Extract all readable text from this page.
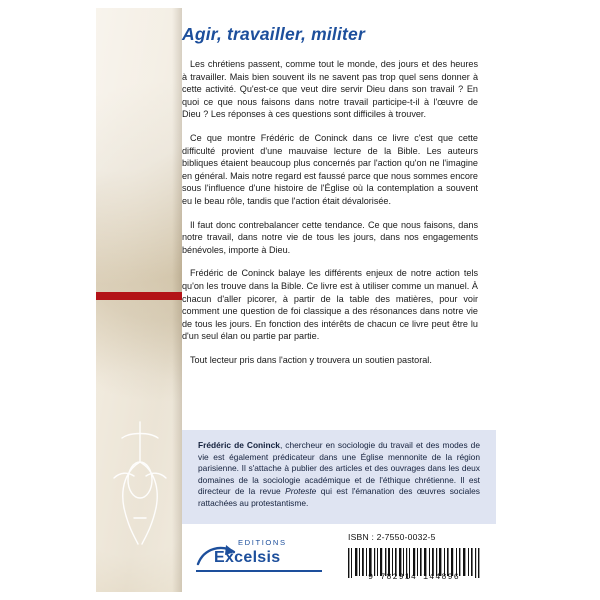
Agir, travailler, militer

Les chrétiens passent, comme tout le monde, des jours et des heures à travailler. Mais bien souvent ils ne savent pas trop quel sens donner à cette activité. Qu'est-ce que veut dire servir Dieu dans son travail ? En quoi ce que nous faisons dans notre travail participe-t-il à l'œuvre de Dieu ? Les réponses à ces questions sont difficiles à trouver.

Ce que montre Frédéric de Coninck dans ce livre c'est que cette difficulté provient d'une mauvaise lecture de la Bible. Les auteurs bibliques étaient beaucoup plus concernés par l'action qu'on ne l'imagine en général. Mais notre regard est faussé parce que nous sommes encore sous l'influence d'une histoire de l'Église où la contemplation a souvent eu le beau rôle, tandis que l'action était dévalorisée.

Il faut donc contrebalancer cette tendance. Ce que nous faisons, dans notre travail, dans notre vie de tous les jours, dans nos engagements bénévoles, importe à Dieu.

Frédéric de Coninck balaye les différents enjeux de notre action tels qu'on les trouve dans la Bible. Ce livre est à utiliser comme un manuel. À chacun d'aller picorer, à partir de la table des matières, pour voir comment une question de foi classique a des résonances dans notre vie de tous les jours. En fonction des intérêts de chacun ce livre peut être lu d'un seul élan ou partie par partie.

Tout lecteur pris dans l'action y trouvera un soutien pastoral.

Frédéric de Coninck, chercheur en sociologie du travail et des modes de vie est également prédicateur dans une Église mennonite de la région parisienne. Il s'attache à publier des articles et des ouvrages dans les deux domaines de la sociologie académique et de l'éthique chrétienne. Il est directeur de la revue Protestе qui est l'émanation des œuvres sociales rattachées au protestantisme.

ISBN : 2-7550-0032-5
9 782914 144896
EDITIONS
Excelsis
